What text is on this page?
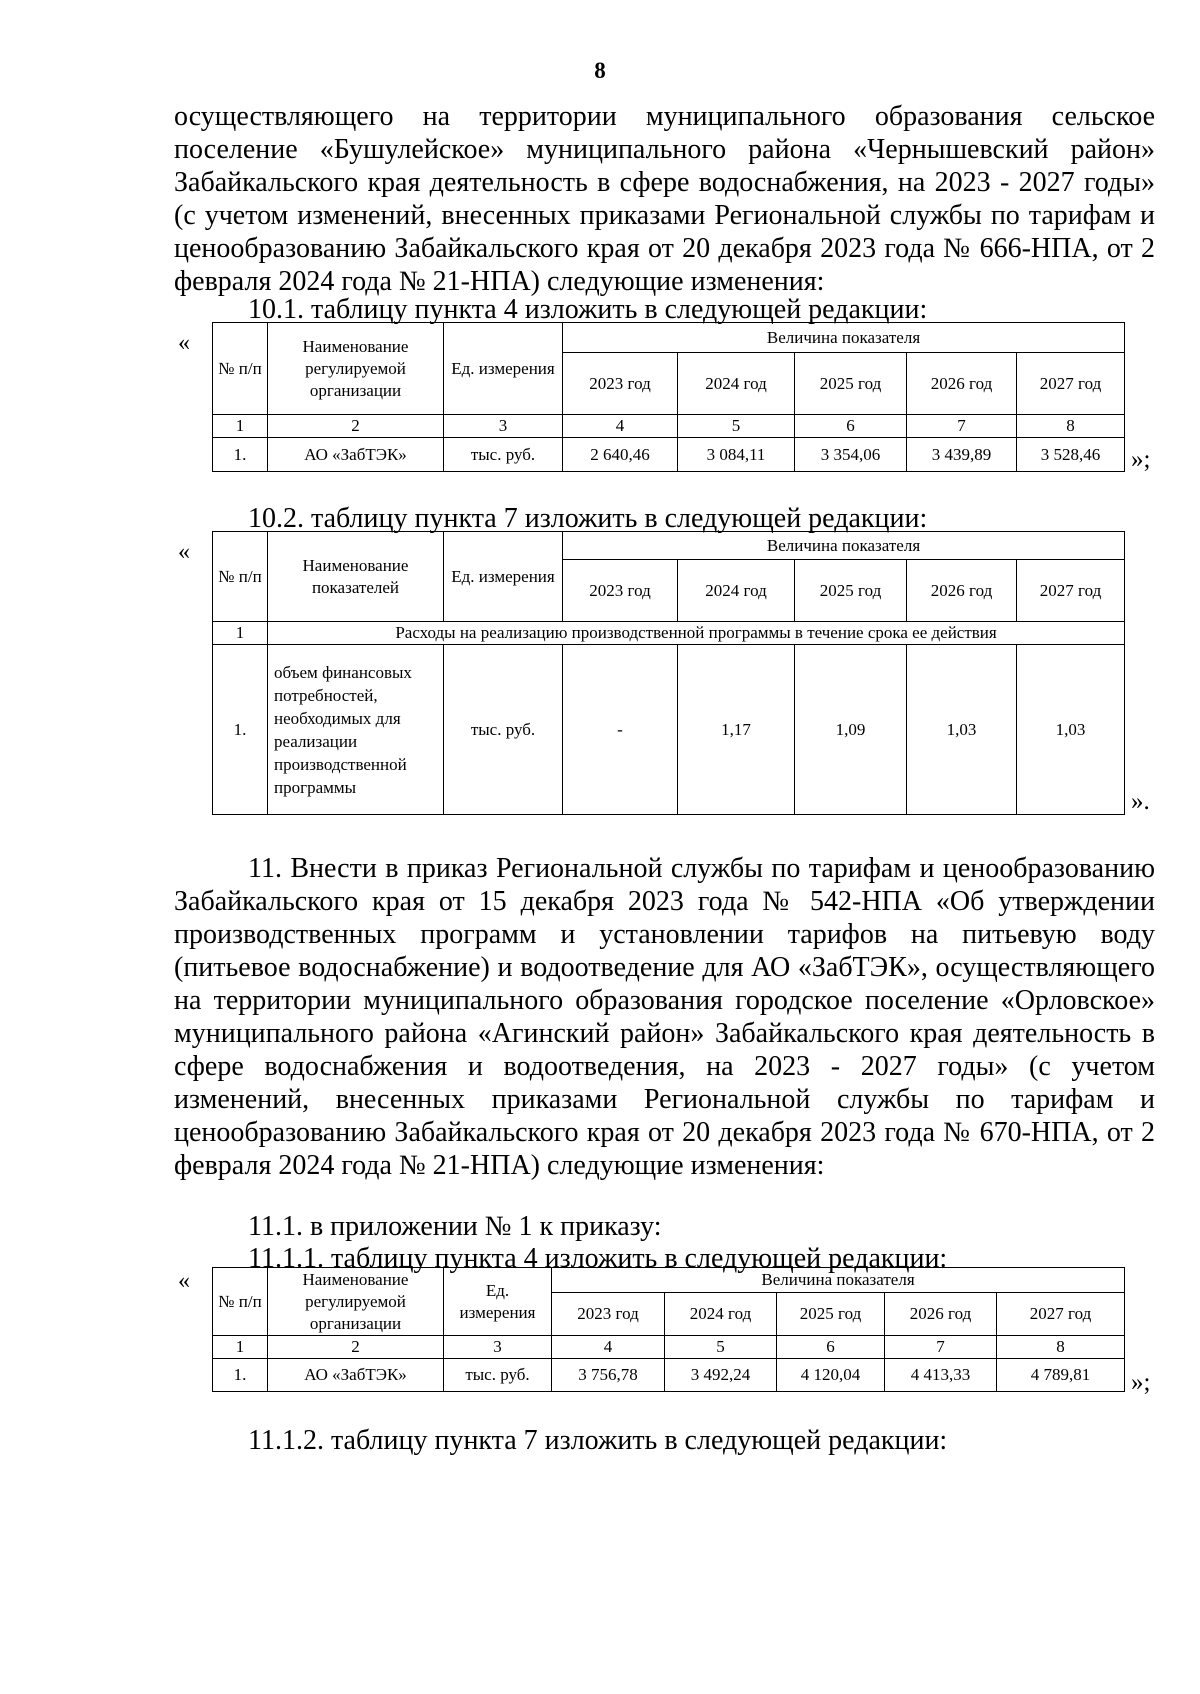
8

осуществляющего на территории муниципального образования сельское поселение «Бушулейское» муниципального района «Чернышевский район» Забайкальского края деятельность в сфере водоснабжения, на 2023 - 2027 годы» (с учетом изменений, внесенных приказами Региональной службы по тарифам и ценообразованию Забайкальского края от 20 декабря 2023 года № 666-НПА, от 2 февраля 2024 года № 21-НПА) следующие изменения:

10.1. таблицу пункта 4 изложить в следующей редакции:

«
№ п/п	Наименование регулируемой организации	Ед. измерения	Величина показателя				
			2023 год	2024 год	2025 год	2026 год	2027 год
1	2	3	4	5	6	7	8
1.	АО «ЗабТЭК»	тыс. руб.	2 640,46	3 084,11	3 354,06	3 439,89	3 528,46 »;

10.2. таблицу пункта 7 изложить в следующей редакции:

«
№ п/п	Наименование показателей	Ед. измерения	Величина показателя				
			2023 год	2024 год	2025 год	2026 год	2027 год
1	Расходы на реализацию производственной программы в течение срока ее действия						
1.	объем финансовых потребностей, необходимых для реализации производственной программы	тыс. руб.	-	1,17	1,09	1,03	1,03
».

11. Внести в приказ Региональной службы по тарифам и ценообразованию Забайкальского края от 15 декабря 2023 года № 542-НПА «Об утверждении производственных программ и установлении тарифов на питьевую воду (питьевое водоснабжение) и водоотведение для АО «ЗабТЭК», осуществляющего на территории муниципального образования городское поселение «Орловское» муниципального района «Агинский район» Забайкальского края деятельность в сфере водоснабжения и водоотведения, на 2023 - 2027 годы» (с учетом изменений, внесенных приказами Региональной службы по тарифам и ценообразованию Забайкальского края от 20 декабря 2023 года № 670-НПА, от 2 февраля 2024 года № 21-НПА) следующие изменения:

11.1. в приложении № 1 к приказу:

11.1.1. таблицу пункта 4 изложить в следующей редакции:

«
№ п/п	Наименование регулируемой организации	Ед. измерения	Величина показателя				
			2023 год	2024 год	2025 год	2026 год	2027 год
1	2	3	4	5	6	7	8
1.	АО «ЗабТЭК»	тыс. руб.	3 756,78	3 492,24	4 120,04	4 413,33	4 789,81 »;

11.1.2. таблицу пункта 7 изложить в следующей редакции:
